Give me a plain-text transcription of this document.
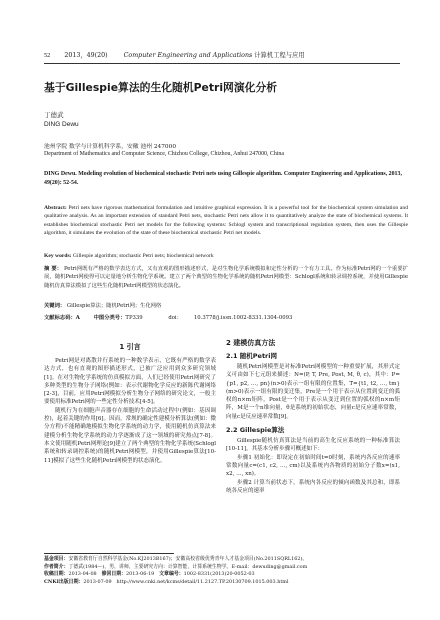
52 2013，49(20)	Computer Engineering and Applications 计算机工程与应用
基于Gillespie算法的生化随机Petri网演化分析
丁德武
DING Dewu
池州学院 数学与计算机科学系，安徽 池州 247000
Department of Mathematics and Computer Science, Chizhou College, Chizhou, Anhui 247000, China
DING Dewu. Modeling evolution of biochemical stochastic Petri nets using Gillespie algorithm. Computer Engineering and Applications, 2013, 49(20): 52-54.
Abstract: Petri nets have rigorous mathematical formulation and intuitive graphical expression. It is a powerful tool for the biochemical system simulation and qualitative analysis. As an important extension of standard Petri nets, stochastic Petri nets allow it to quantitatively analyze the state of biochemical systems. It establishes biochemical stochastic Petri net models for the following systems: Schlogl system and transcriptional regulation system, then uses the Gillespie algorithm, it simulates the evolution of the state of these biochemical stochastic Petri net models.
Key words: Gillespie algorithm; stochastic Petri nets; biochemical network
摘 要： Petri网既有严格的数学表达方式，又有直观的图形描述形式，是对生物化学系统模拟和定性分析的一个有力工具。作为标准Petri网的一个重要扩展，随机Petri网使得可以定量地分析生物化学系统。建立了两个典型的生物化学系统的随机Petri网模型：Schlogl系统和转录调控系统，并使用Gillespie随机仿真算法模拟了这些生化随机Petri网模型的状态演化。
关键词： Gillespie算法；随机Petri网；生化网络
文献标志码：A	中图分类号：TP339	doi： 10.3778/j.issn.1002-8331.1304-0093
1 引言

Petri网是对离散并行系统的一种数学表示，它既有严格的数学表达方式，也有直观的图形描述形式，已被广泛应用到众多研究领域[1]。在对生物化学系统的仿真模拟方面，人们已经使用Petri网研究了多种类型的生物分子网络(例如：表示代谢物化学反应的新陈代谢网络[2-3]，目前，应用Petri网模拟分析生物分子网络的研究论文，一般主要使用标准Petri网的一些定性分析技术[4-5]。

随机行为在细胞声音器存在细胞的生命活动过程中(例如：基因调控)，起着关键的作用[6]。因而，常规的确定性建模分析算法(例如：微分方程)不能精确地模拟生物化学系统的动力学，使用随机仿真算法来建模分析生物化学系统的动力学逐渐成了这一领域的研究热点[7-8]。本文使用随机Petri网理论[9]建立了两个典型的生物化学系统(Schlogl系统和转录调控系统)的随机Petri网模型，并使用Gillespie算法[10-11]模拟了这些生化随机Petri网模型的状态演化。

2 建模仿真方法
2.1 随机Petri网

随机Petri网模型是对标准Petri网模型的一种重要扩展，其形式定义可由如下七元组来描述：N=(P, T, Pre, Post, M, θ, c)，其中：P={p1, p2, …, pn}(n>0)表示一组有限的位置集，T={t1, t2, …, tm}(m>0)表示一组有限的变迁集，Pre是一个用于表示从位置到变迁的弧权的n×m矩阵，Post是一个用于表示从变迁到位置的弧权的n×m矩阵，M是一个n维向量，θ是系统的初始状态，向量c是反应速率常数，向量c是反应速率常数[9]。

2.2 Gillespie算法

Gillespie随机仿真算法是当前的高生化反应系统的一种标准算法[10-11]，其基本分析步骤可概述如下：

步骤1 初始化：即设定在初始时间t=0时刻，系统内各反应的速率常数向量c=(c1, c2, …, cm)以及系统内各物质的初始分子数x=(x1, x2, …, xn)。

步骤2 计算当前状态下，系统内各反应的倾向函数及其总和，即系统各反应的速率

基金项目：安徽省教育厅自然科学基金(No.KJ2013B167)；安徽高校省级优秀青年人才基金项目(No.2011SQRL162)。
作者简介：丁德武(1984—)，男，讲师，主要研究方向：计算智能，计算系统生物学。E-mail：dewuding@gmail.com
收稿日期：2013-04-08　 修回日期：2013-06-19　 文章编号：1002-8331(2013)20-0052-03
CNKI出版日期：2013-07-09　 http://www.cnki.net/kcms/detail/11.2127.TP.20130709.1015.003.html
